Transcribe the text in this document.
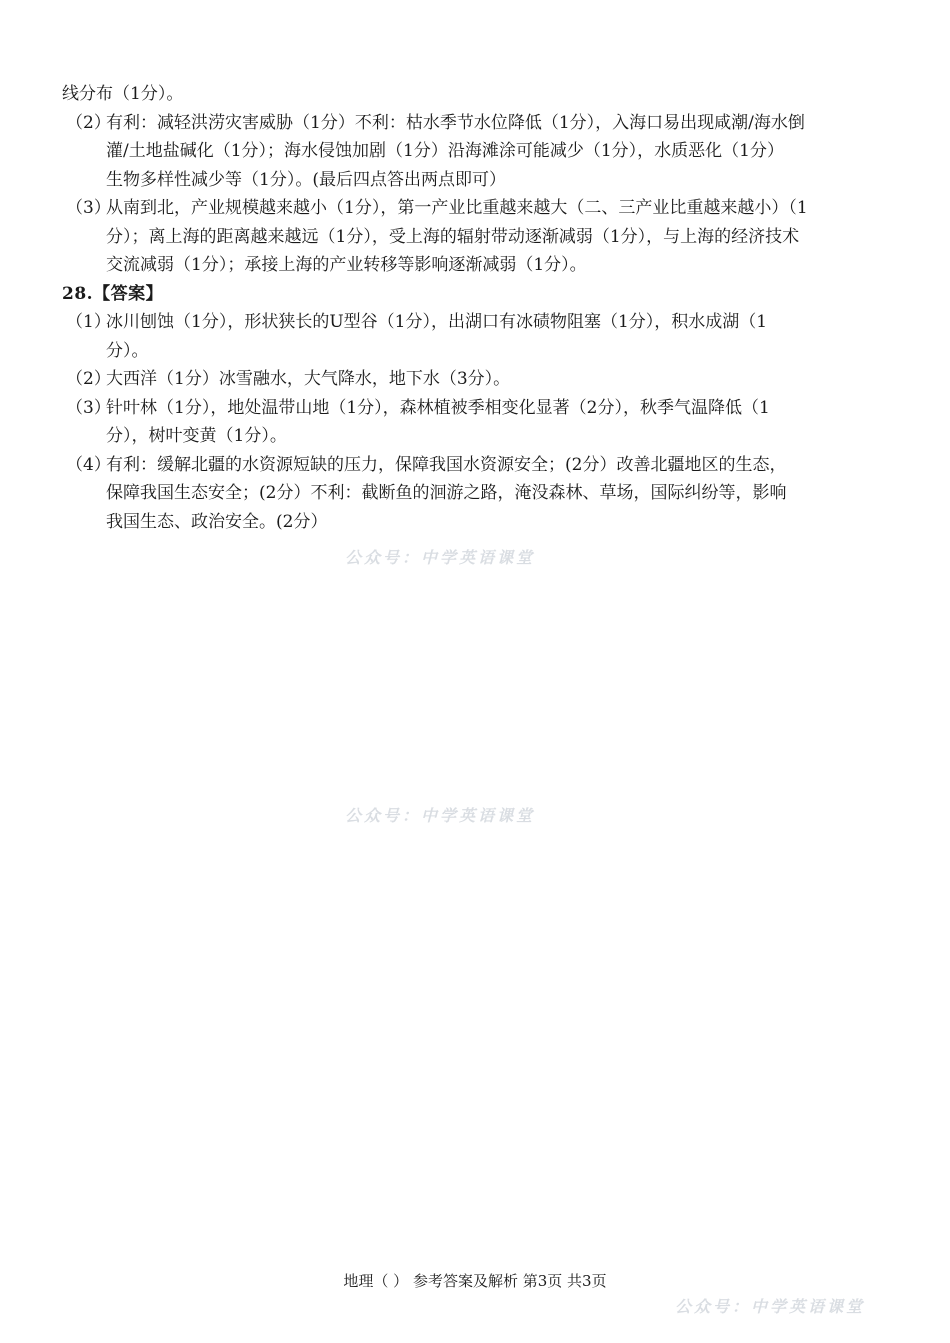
线分布（1分）。
（2）
有利：减轻洪涝灾害威胁（1分）不利：枯水季节水位降低（1分），入海口易出现咸潮/海水倒
灌/土地盐碱化（1分）；海水侵蚀加剧（1分）沿海滩涂可能减少（1分），水质恶化（1分）
生物多样性减少等（1分）。(最后四点答出两点即可）
（3）
从南到北，产业规模越来越小（1分），第一产业比重越来越大（二、三产业比重越来越小）（1
分）；离上海的距离越来越远（1分），受上海的辐射带动逐渐减弱（1分），与上海的经济技术
交流减弱（1分）；承接上海的产业转移等影响逐渐减弱（1分）。
28.【答案】
（1）
冰川刨蚀（1分），形状狭长的U型谷（1分），出湖口有冰碛物阻塞（1分），积水成湖（1
分）。
（2）
大西洋（1分）冰雪融水，大气降水，地下水（3分）。
（3）
针叶林（1分），地处温带山地（1分），森林植被季相变化显著（2分），秋季气温降低（1
分），树叶变黄（1分）。
（4）
有利：缓解北疆的水资源短缺的压力，保障我国水资源安全；(2分）改善北疆地区的生态，
保障我国生态安全；(2分）不利：截断鱼的洄游之路，淹没森林、草场，国际纠纷等，影响
我国生态、政治安全。(2分）
公众号：中学英语课堂
公众号：中学英语课堂
公众号：中学英语课堂
地理（ ） 参考答案及解析 第3页 共3页
